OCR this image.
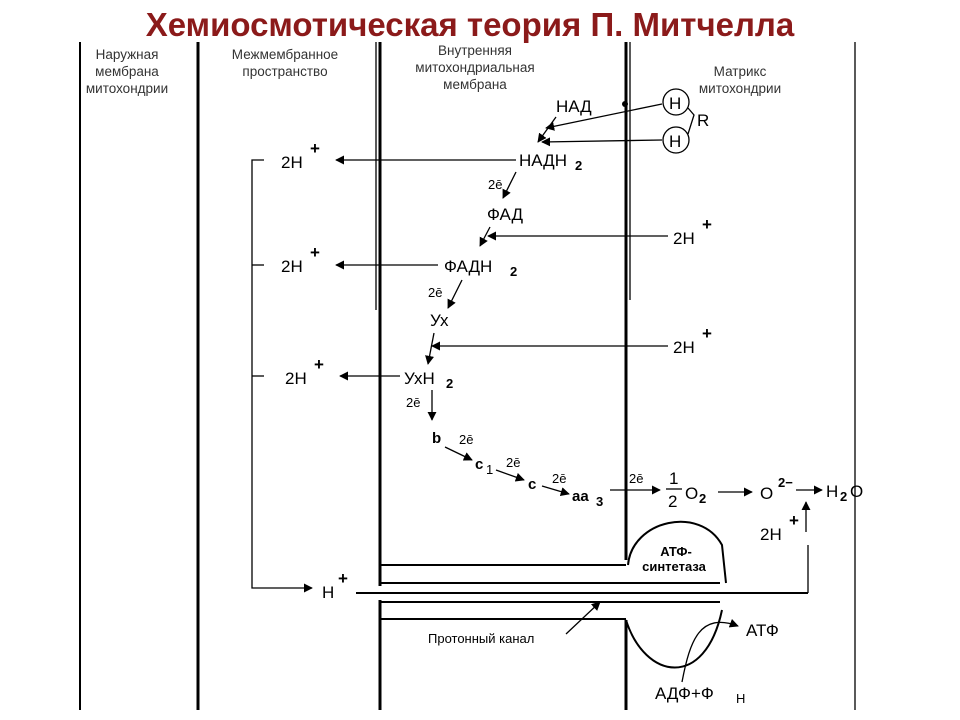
Хемиосмотическая теория П. Митчелла
Наружная
мембрана
митохондрии
Межмембранное
пространство
Внутренняя
митохондриальная
мембрана
Матрикс
митохондрии
АТФ-
синтетаза
2Н
+
2Н
+
2Н
+
Н
+
2Н
+
2Н
+
Н
Н
R
НАД
НАДН 2
2ē
ФАД
ФАДН 2
2ē
Ух
УхН 2
2ē
b 2ē
c 1 2ē
c 2ē
aa 3
2ē 1
2 О 2	О
2− Н 2 О
2Н
+
Протонный канал	АТФ
АДФ+Ф Н
